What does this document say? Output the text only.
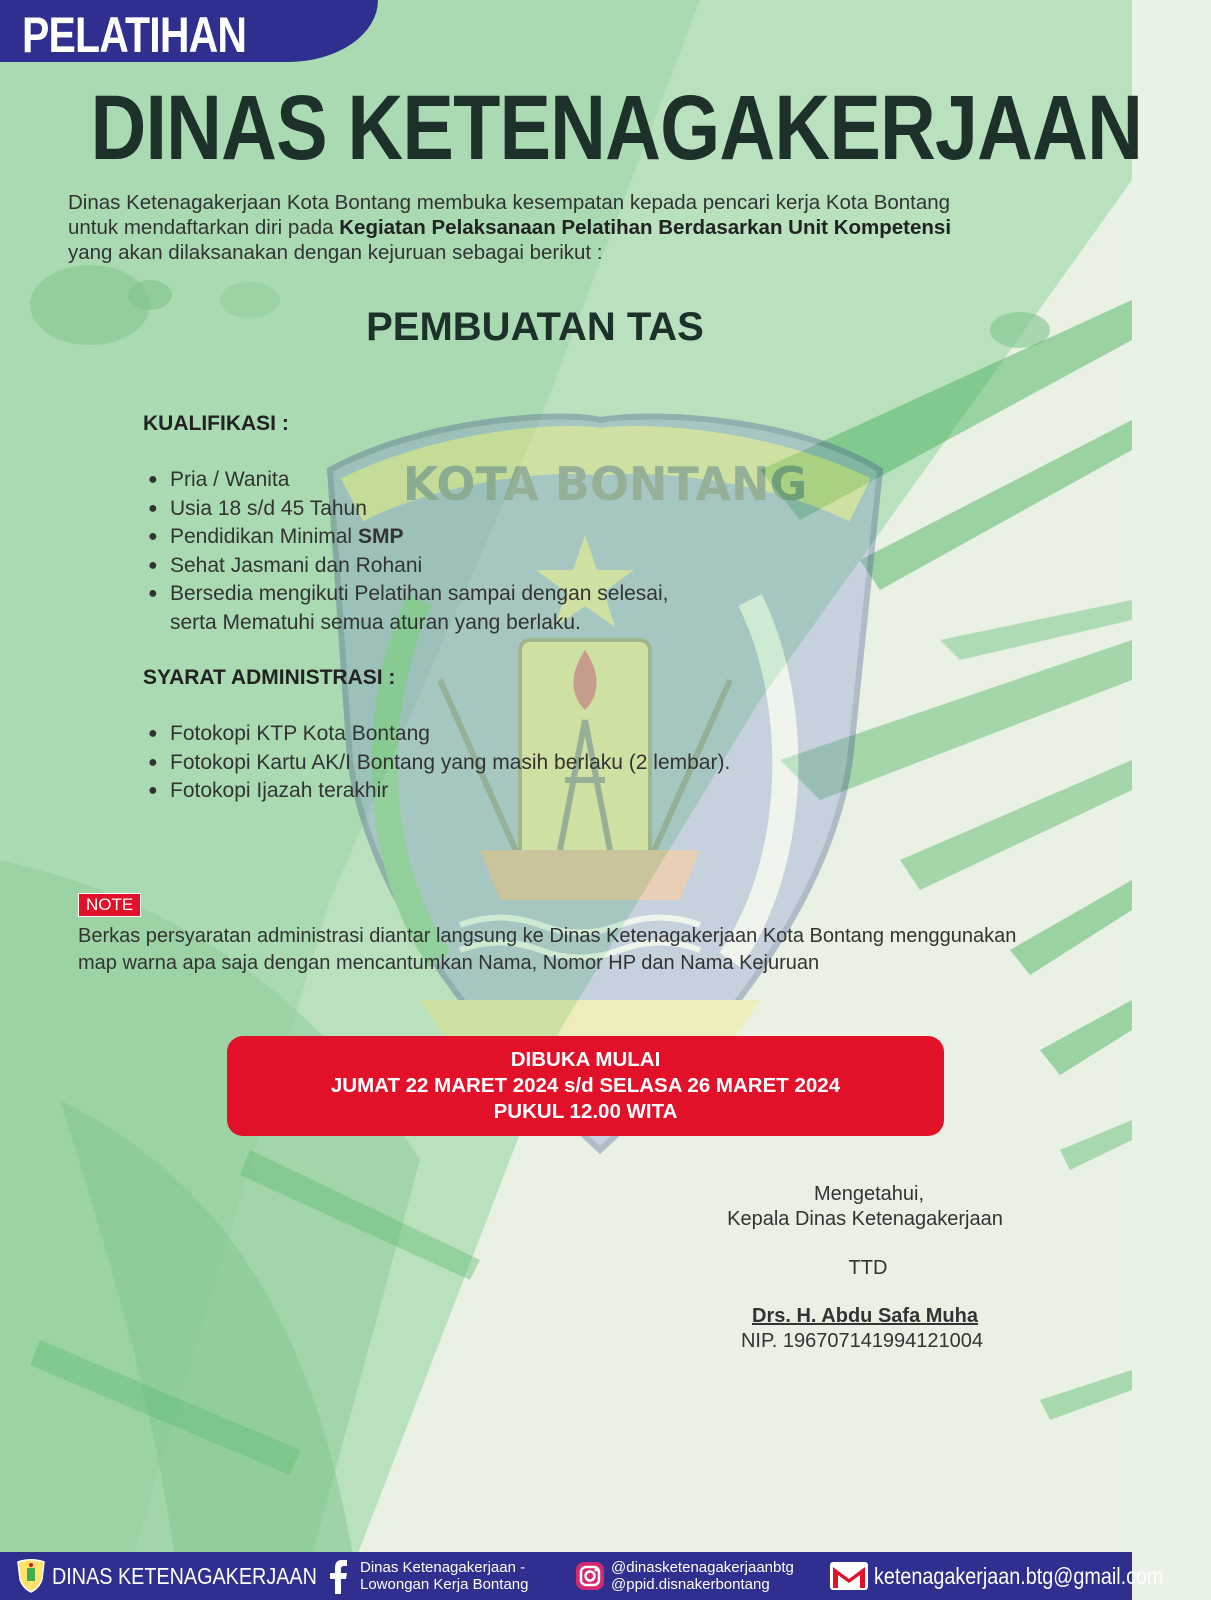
KOTA BONTANG
PELATIHAN
DINAS KETENAGAKERJAAN
Dinas Ketenagakerjaan Kota Bontang membuka kesempatan kepada pencari kerja Kota Bontang
untuk mendaftarkan diri pada Kegiatan Pelaksanaan Pelatihan Berdasarkan Unit Kompetensi
yang akan dilaksanakan dengan kejuruan sebagai berikut :
PEMBUATAN TAS
KUALIFIKASI :
● Pria / Wanita
● Usia 18 s/d 45 Tahun
● Pendidikan Minimal SMP
● Sehat Jasmani dan Rohani
● Bersedia mengikuti Pelatihan sampai dengan selesai,
serta Mematuhi semua aturan yang berlaku.
SYARAT ADMINISTRASI :
● Fotokopi KTP Kota Bontang
● Fotokopi Kartu AK/I Bontang yang masih berlaku (2 lembar).
● Fotokopi Ijazah terakhir
NOTE
Berkas persyaratan administrasi diantar langsung ke Dinas Ketenagakerjaan Kota Bontang menggunakan
map warna apa saja dengan mencantumkan Nama, Nomor HP dan Nama Kejuruan
DIBUKA MULAI
JUMAT 22 MARET 2024 s/d SELASA 26 MARET 2024
PUKUL 12.00 WITA
Mengetahui,
Kepala Dinas Ketenagakerjaan
TTD
Drs. H. Abdu Safa Muha
NIP. 196707141994121004
DINAS KETENAGAKERJAAN	Dinas Ketenagakerjaan -
Lowongan Kerja Bontang
@dinasketenagakerjaanbtg
@ppid.disnakerbontang	ketenagakerjaan.btg@gmail.com
